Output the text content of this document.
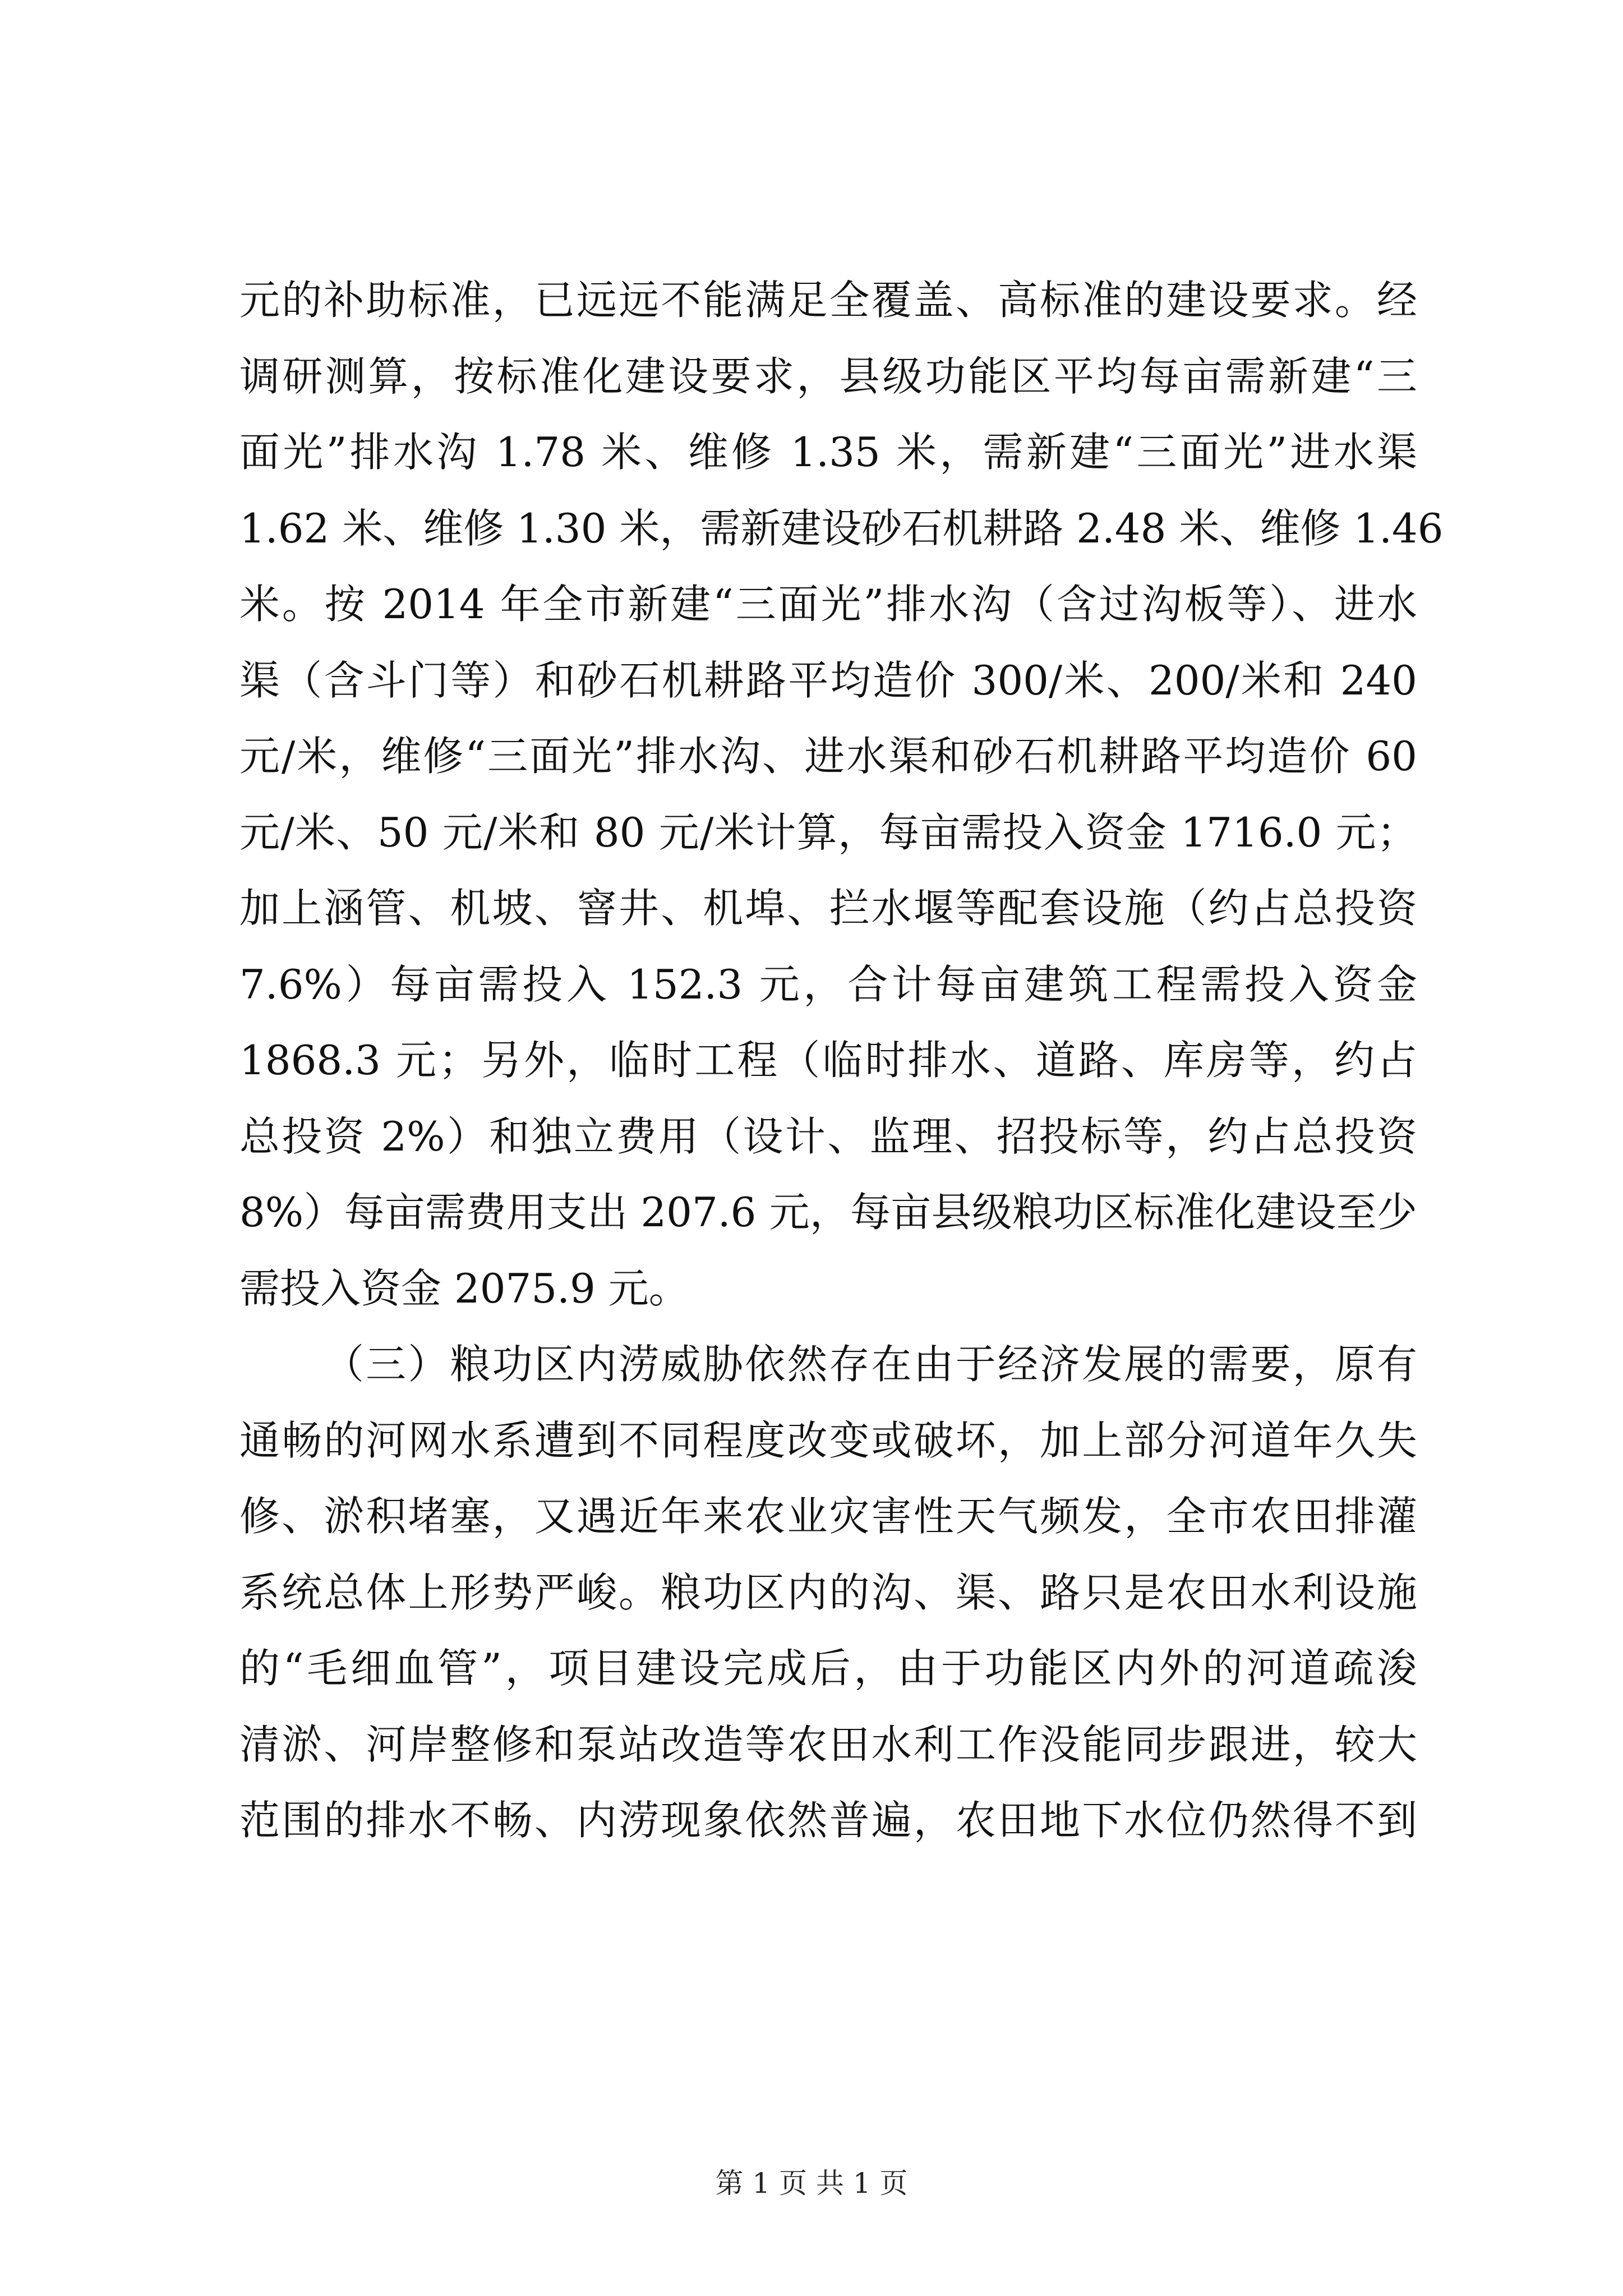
元的补助标准，已远远不能满足全覆盖、高标准的建设要求。经
调研测算，按标准化建设要求，县级功能区平均每亩需新建“三
面光”排水沟 1.78 米、维修 1.35 米，需新建“三面光”进水渠
1.62 米、维修 1.30 米，需新建设砂石机耕路 2.48 米、维修 1.46
米。按 2014 年全市新建“三面光”排水沟（含过沟板等）、进水
渠（含斗门等）和砂石机耕路平均造价 300/米、200/米和 240
元/米，维修“三面光”排水沟、进水渠和砂石机耕路平均造价 60
元/米、50 元/米和 80 元/米计算，每亩需投入资金 1716.0 元；
加上涵管、机坡、窨井、机埠、拦水堰等配套设施（约占总投资
7.6%）每亩需投入 152.3 元，合计每亩建筑工程需投入资金
1868.3 元；另外，临时工程（临时排水、道路、库房等，约占
总投资 2%）和独立费用（设计、监理、招投标等，约占总投资
8%）每亩需费用支出 207.6 元，每亩县级粮功区标准化建设至少
需投入资金 2075.9 元。
（三）粮功区内涝威胁依然存在由于经济发展的需要，原有
通畅的河网水系遭到不同程度改变或破坏，加上部分河道年久失
修、淤积堵塞，又遇近年来农业灾害性天气频发，全市农田排灌
系统总体上形势严峻。粮功区内的沟、渠、路只是农田水利设施
的“毛细血管”，项目建设完成后，由于功能区内外的河道疏浚
清淤、河岸整修和泵站改造等农田水利工作没能同步跟进，较大
范围的排水不畅、内涝现象依然普遍，农田地下水位仍然得不到
第 1 页 共 1 页
